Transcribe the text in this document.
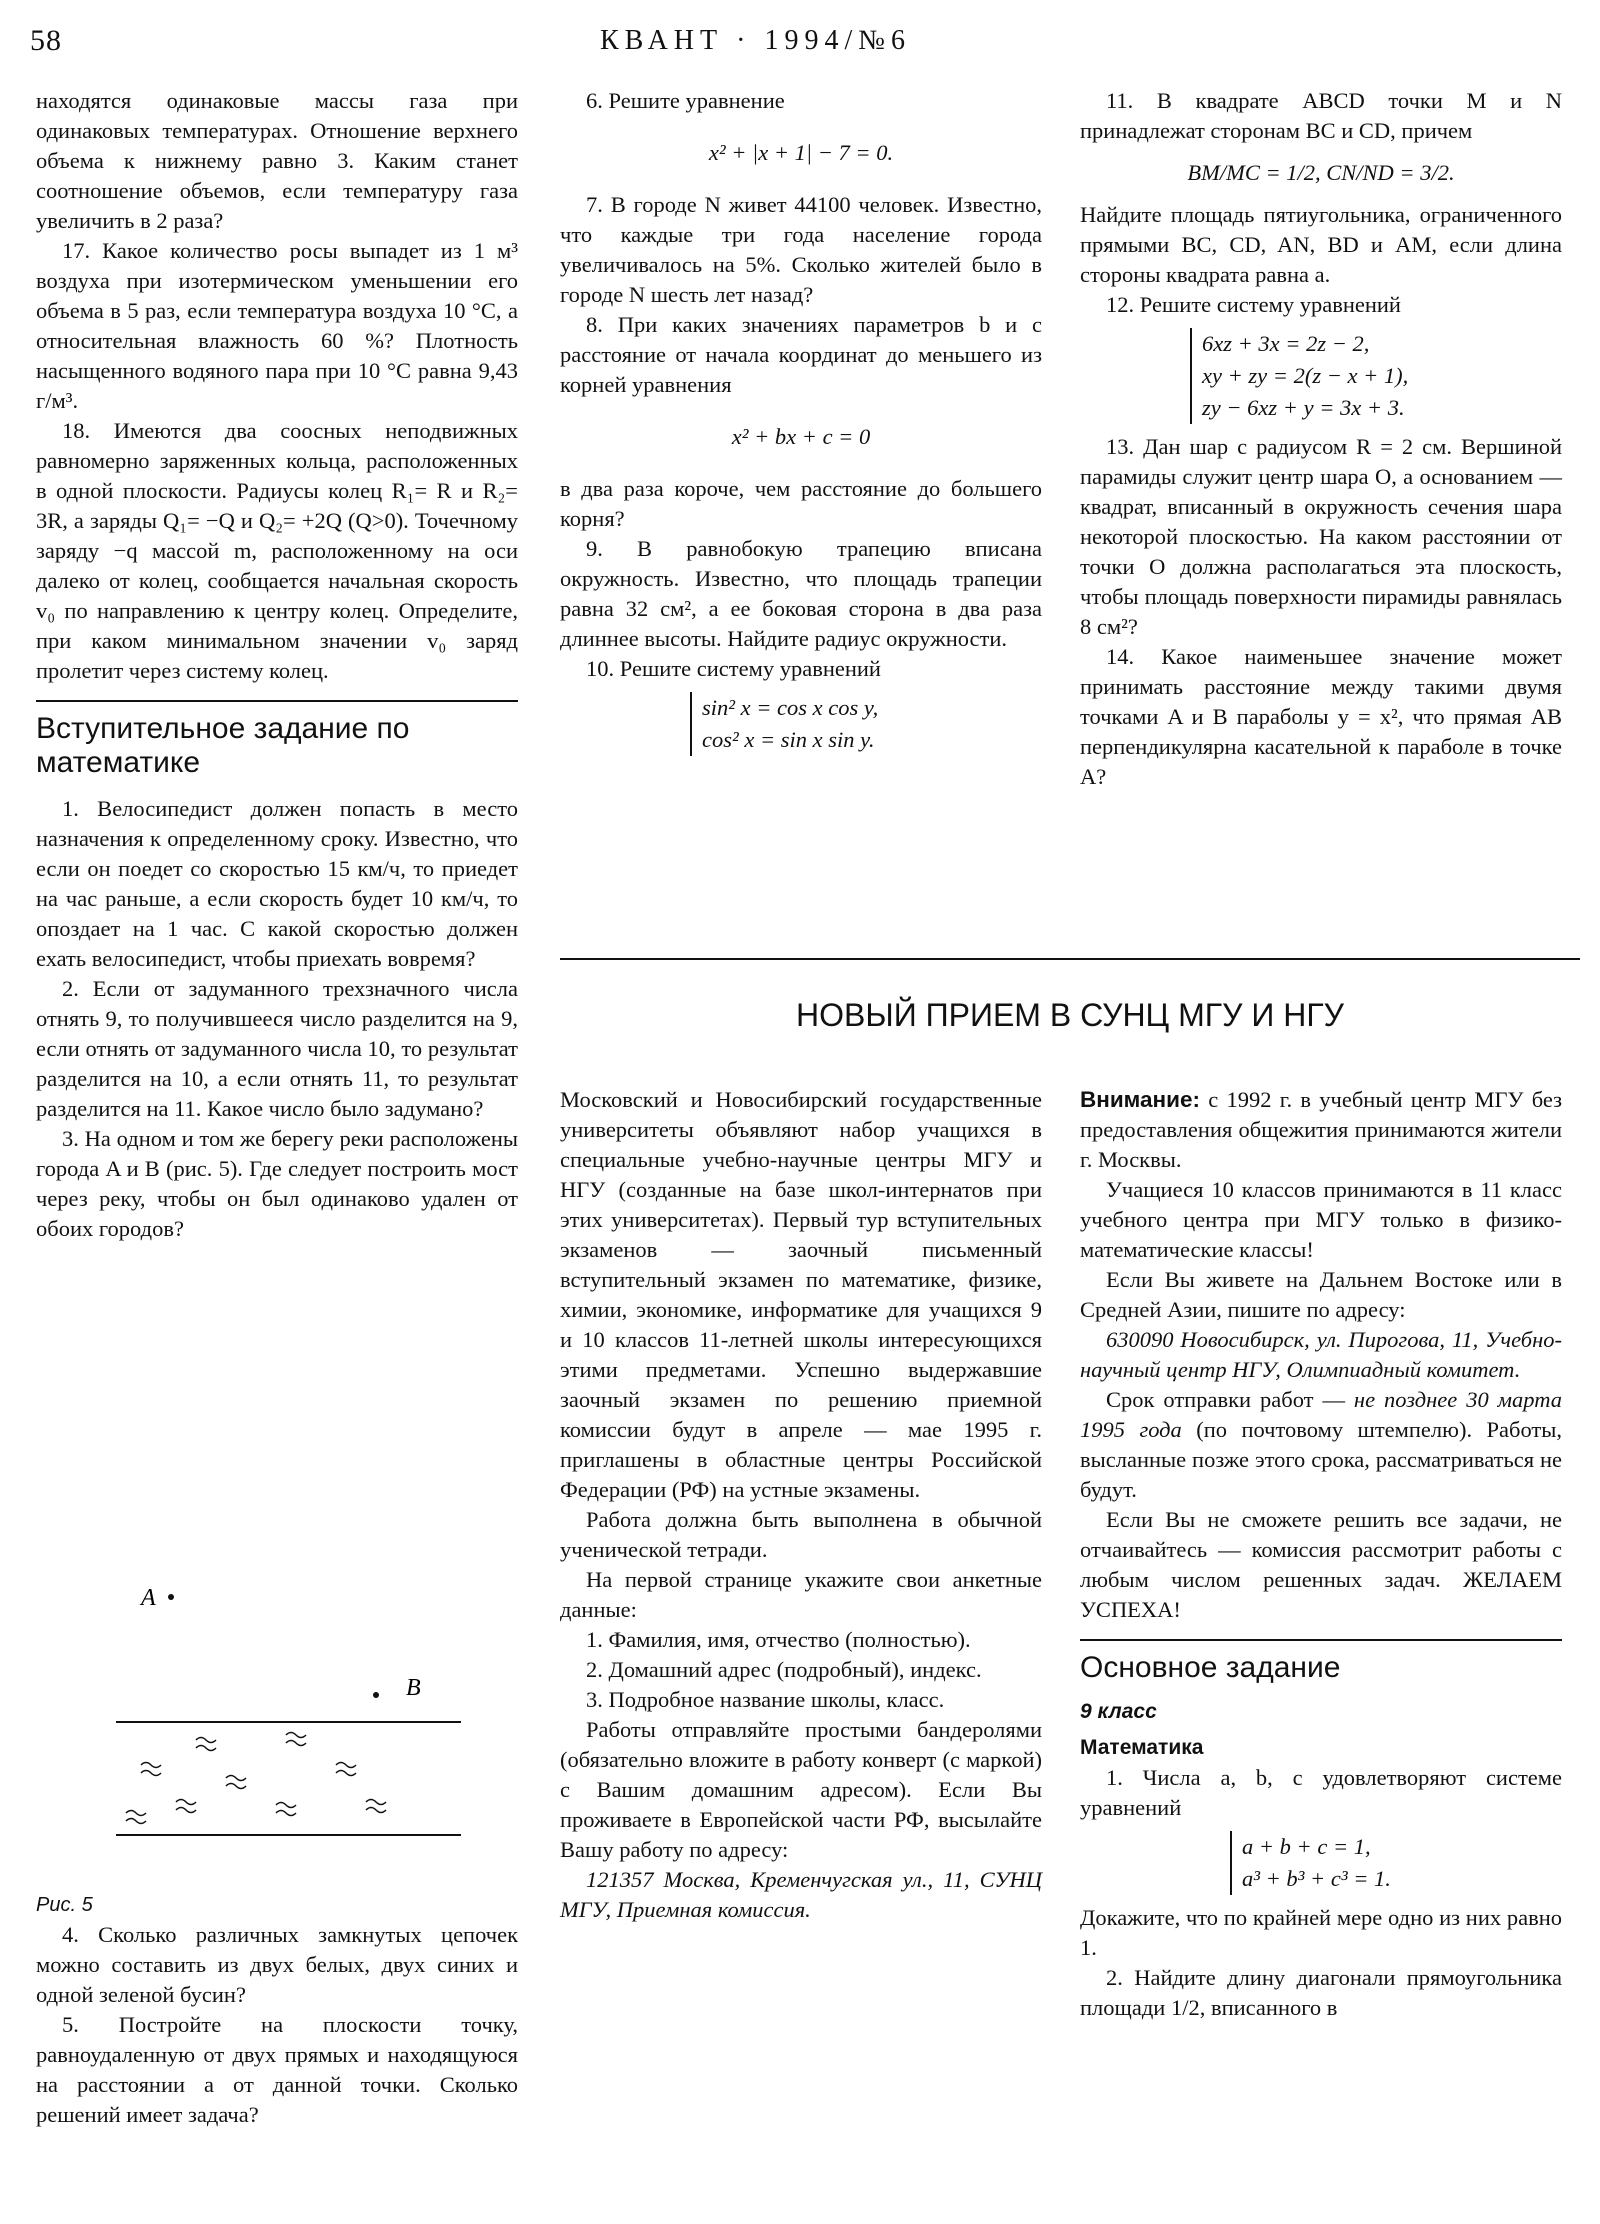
58	КВАНТ · 1994/№6

находятся одинаковые массы газа при одинаковых температурах. Отношение верхнего объема к нижнему равно 3. Каким станет соотношение объемов, если температуру газа увеличить в 2 раза?

17. Какое количество росы выпадет из 1 м³ воздуха при изотермическом уменьшении его объема в 5 раз, если температура воздуха 10 °С, а относительная влажность 60 %? Плотность насыщенного водяного пара при 10 °С равна 9,43 г/м³.

18. Имеются два соосных неподвижных равномерно заряженных кольца, расположенных в одной плоскости. Радиусы колец R₁= R и R₂= 3R, а заряды Q₁= −Q и Q₂= +2Q (Q>0). Точечному заряду −q массой m, расположенному на оси далеко от колец, сообщается начальная скорость v₀ по направлению к центру колец. Определите, при каком минимальном значении v₀ заряд пролетит через систему колец.

Вступительное задание по математике

1. Велосипедист должен попасть в место назначения к определенному сроку. Известно, что если он поедет со скоростью 15 км/ч, то приедет на час раньше, а если скорость будет 10 км/ч, то опоздает на 1 час. С какой скоростью должен ехать велосипедист, чтобы приехать вовремя?

2. Если от задуманного трехзначного числа отнять 9, то получившееся число разделится на 9, если отнять от задуманного числа 10, то результат разделится на 10, а если отнять 11, то результат разделится на 11. Какое число было задумано?

3. На одном и том же берегу реки расположены города A и B (рис. 5). Где следует построить мост через реку, чтобы он был одинаково удален от обоих городов?

A
B
Рис. 5

4. Сколько различных замкнутых цепочек можно составить из двух белых, двух синих и одной зеленой бусин?

5. Постройте на плоскости точку, равноудаленную от двух прямых и находящуюся на расстоянии a от данной точки. Сколько решений имеет задача?

6. Решите уравнение

x² + |x + 1| − 7 = 0.

7. В городе N живет 44100 человек. Известно, что каждые три года население города увеличивалось на 5%. Сколько жителей было в городе N шесть лет назад?

8. При каких значениях параметров b и c расстояние от начала координат до меньшего из корней уравнения

x² + bx + c = 0

в два раза короче, чем расстояние до большего корня?

9. В равнобокую трапецию вписана окружность. Известно, что площадь трапеции равна 32 см², а ее боковая сторона в два раза длиннее высоты. Найдите радиус окружности.

10. Решите систему уравнений

sin² x = cos x cos y,
cos² x = sin x sin y.

11. В квадрате ABCD точки M и N принадлежат сторонам BC и CD, причем

BM/MC = 1/2, CN/ND = 3/2.

Найдите площадь пятиугольника, ограниченного прямыми BC, CD, AN, BD и AM, если длина стороны квадрата равна a.

12. Решите систему уравнений

6xz + 3x = 2z − 2,
xy + zy = 2(z − x + 1),
zy − 6xz + y = 3x + 3.

13. Дан шар с радиусом R = 2 см. Вершиной парамиды служит центр шара O, а основанием — квадрат, вписанный в окружность сечения шара некоторой плоскостью. На каком расстоянии от точки O должна располагаться эта плоскость, чтобы площадь поверхности пирамиды равнялась 8 см²?

14. Какое наименьшее значение может принимать расстояние между такими двумя точками A и B параболы y = x², что прямая AB перпендикулярна касательной к параболе в точке A?

НОВЫЙ ПРИЕМ В СУНЦ МГУ И НГУ

Московский и Новосибирский государственные университеты объявляют набор учащихся в специальные учебно-научные центры МГУ и НГУ (созданные на базе школ-интернатов при этих университетах). Первый тур вступительных экзаменов — заочный письменный вступительный экзамен по математике, физике, химии, экономике, информатике для учащихся 9 и 10 классов 11-летней школы интересующихся этими предметами. Успешно выдержавшие заочный экзамен по решению приемной комиссии будут в апреле — мае 1995 г. приглашены в областные центры Российской Федерации (РФ) на устные экзамены.

Работа должна быть выполнена в обычной ученической тетради.

На первой странице укажите свои анкетные данные:

1. Фамилия, имя, отчество (полностью).

2. Домашний адрес (подробный), индекс.

3. Подробное название школы, класс.

Работы отправляйте простыми бандеролями (обязательно вложите в работу конверт (с маркой) с Вашим домашним адресом). Если Вы проживаете в Европейской части РФ, высылайте Вашу работу по адресу:

121357 Москва, Кременчугская ул., 11, СУНЦ МГУ, Приемная комиссия.

Внимание: с 1992 г. в учебный центр МГУ без предоставления общежития принимаются жители г. Москвы.

Учащиеся 10 классов принимаются в 11 класс учебного центра при МГУ только в физико-математические классы!

Если Вы живете на Дальнем Востоке или в Средней Азии, пишите по адресу:

630090 Новосибирск, ул. Пирогова, 11, Учебно-научный центр НГУ, Олимпиадный комитет.

Срок отправки работ — не позднее 30 марта 1995 года (по почтовому штемпелю). Работы, высланные позже этого срока, рассматриваться не будут.

Если Вы не сможете решить все задачи, не отчаивайтесь — комиссия рассмотрит работы с любым числом решенных задач. ЖЕЛАЕМ УСПЕХА!

Основное задание
9 класс
Математика

1. Числа a, b, c удовлетворяют системе уравнений

a + b + c = 1,
a³ + b³ + c³ = 1.

Докажите, что по крайней мере одно из них равно 1.

2. Найдите длину диагонали прямоугольника площади 1/2, вписанного в
